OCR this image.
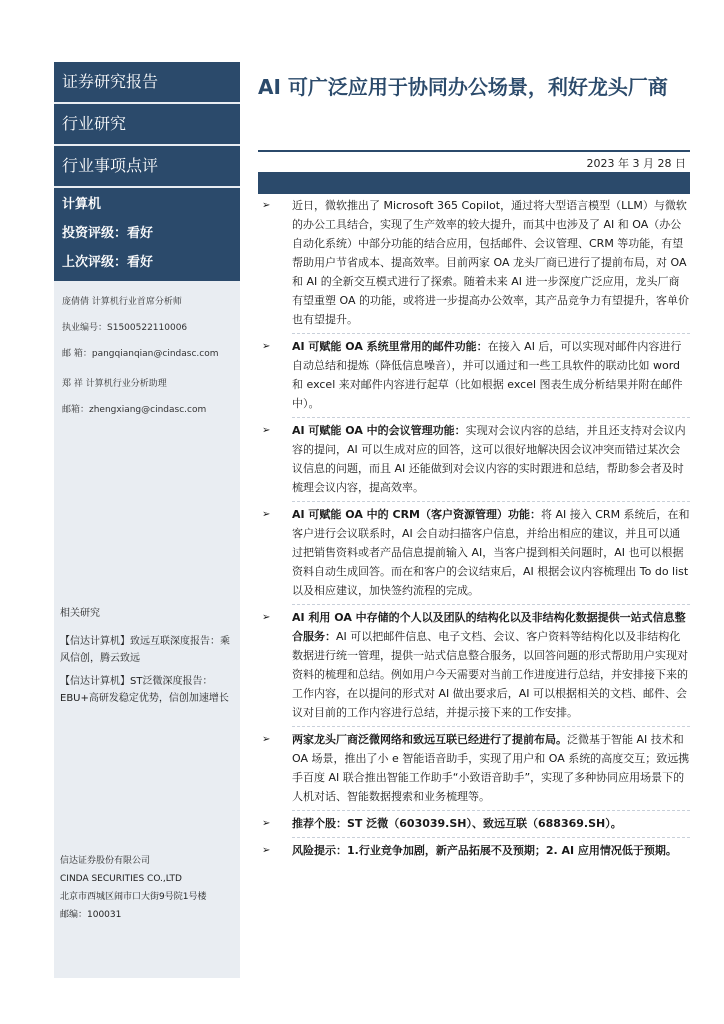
证券研究报告
行业研究
行业事项点评
计算机
投资评级：看好
上次评级：看好

庞倩倩 计算机行业首席分析师

执业编号：S1500522110006

邮 箱：pangqianqian@cindasc.com

郑 祥 计算机行业分析助理

邮箱：zhengxiang@cindasc.com

相关研究

【信达计算机】致远互联深度报告：乘风信创，腾云致远

【信达计算机】ST泛微深度报告：EBU+高研发稳定优势，信创加速增长

信达证券股份有限公司
CINDA SECURITIES CO.,LTD
北京市西城区闹市口大街9号院1号楼
邮编：100031
AI 可广泛应用于协同办公场景，利好龙头厂商
2023 年 3 月 28 日
➢ 近日，微软推出了 Microsoft 365 Copilot，通过将大型语言模型（LLM）与微软的办公工具结合，实现了生产效率的较大提升，而其中也涉及了 AI 和 OA（办公自动化系统）中部分功能的结合应用，包括邮件、会议管理、CRM 等功能，有望帮助用户节省成本、提高效率。目前两家 OA 龙头厂商已进行了提前布局，对 OA 和 AI 的全新交互模式进行了探索。随着未来 AI 进一步深度广泛应用，龙头厂商有望重塑 OA 的功能，或将进一步提高办公效率，其产品竞争力有望提升，客单价也有望提升。
➢ AI 可赋能 OA 系统里常用的邮件功能：在接入 AI 后，可以实现对邮件内容进行自动总结和提炼（降低信息噪音），并可以通过和一些工具软件的联动比如 word 和 excel 来对邮件内容进行起草（比如根据 excel 图表生成分析结果并附在邮件中）。
➢ AI 可赋能 OA 中的会议管理功能：实现对会议内容的总结，并且还支持对会议内容的提问，AI 可以生成对应的回答，这可以很好地解决因会议冲突而错过某次会议信息的问题，而且 AI 还能做到对会议内容的实时跟进和总结，帮助参会者及时梳理会议内容，提高效率。
➢ AI 可赋能 OA 中的 CRM（客户资源管理）功能：将 AI 接入 CRM 系统后，在和客户进行会议联系时，AI 会自动扫描客户信息，并给出相应的建议，并且可以通过把销售资料或者产品信息提前输入 AI，当客户提到相关问题时，AI 也可以根据资料自动生成回答。而在和客户的会议结束后，AI 根据会议内容梳理出 To do list 以及相应建议，加快签约流程的完成。
➢ AI 利用 OA 中存储的个人以及团队的结构化以及非结构化数据提供一站式信息整合服务：AI 可以把邮件信息、电子文档、会议、客户资料等结构化以及非结构化数据进行统一管理，提供一站式信息整合服务，以回答问题的形式帮助用户实现对资料的梳理和总结。例如用户今天需要对当前工作进度进行总结，并安排接下来的工作内容，在以提问的形式对 AI 做出要求后，AI 可以根据相关的文档、邮件、会议对目前的工作内容进行总结，并提示接下来的工作安排。
➢ 两家龙头厂商泛微网络和致远互联已经进行了提前布局。泛微基于智能 AI 技术和 OA 场景，推出了小 e 智能语音助手，实现了用户和 OA 系统的高度交互；致远携手百度 AI 联合推出智能工作助手“小致语音助手”，实现了多种协同应用场景下的人机对话、智能数据搜索和业务梳理等。
➢ 推荐个股：ST 泛微（603039.SH）、致远互联（688369.SH）。
➢ 风险提示：1.行业竞争加剧，新产品拓展不及预期；2. AI 应用情况低于预期。
